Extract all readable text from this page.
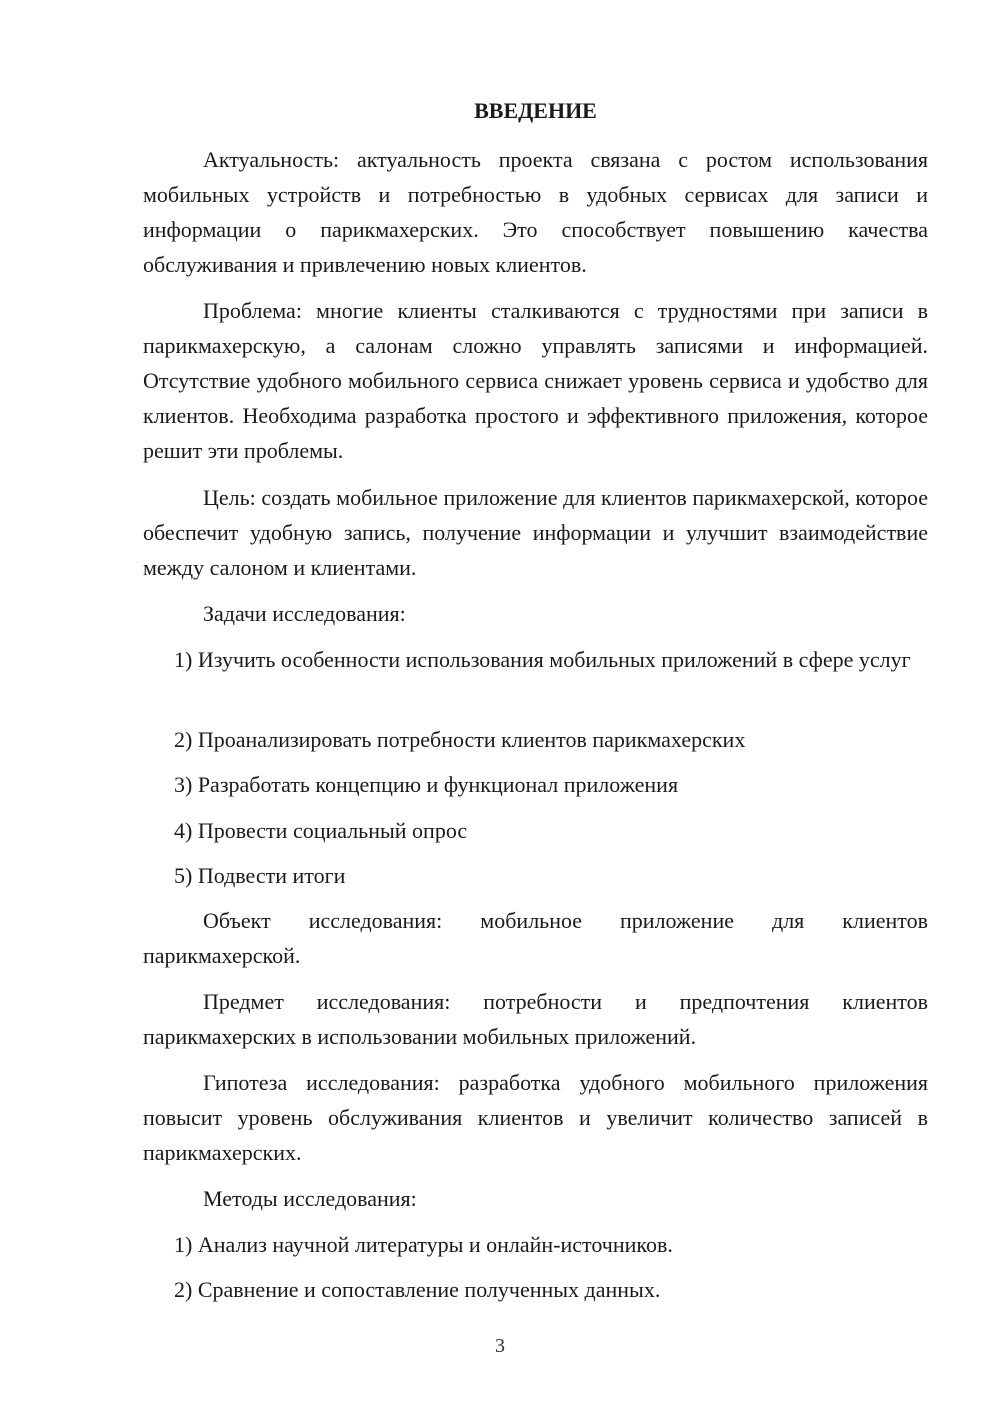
ВВЕДЕНИЕ
Актуальность: актуальность проекта связана с ростом использования мобильных устройств и потребностью в удобных сервисах для записи и информации о парикмахерских. Это способствует повышению качества обслуживания и привлечению новых клиентов.
Проблема: многие клиенты сталкиваются с трудностями при записи в парикмахерскую, а салонам сложно управлять записями и информацией. Отсутствие удобного мобильного сервиса снижает уровень сервиса и удобство для клиентов. Необходима разработка простого и эффективного приложения, которое решит эти проблемы.
Цель: создать мобильное приложение для клиентов парикмахерской, которое обеспечит удобную запись, получение информации и улучшит взаимодействие между салоном и клиентами.
Задачи исследования:
1) Изучить особенности использования мобильных приложений в сфере услуг
2) Проанализировать потребности клиентов парикмахерских
3) Разработать концепцию и функционал приложения
4) Провести социальный опрос
5) Подвести итоги
Объект исследования: мобильное приложение для клиентов парикмахерской.
Предмет исследования: потребности и предпочтения клиентов парикмахерских в использовании мобильных приложений.
Гипотеза исследования: разработка удобного мобильного приложения повысит уровень обслуживания клиентов и увеличит количество записей в парикмахерских.
Методы исследования:
1) Анализ научной литературы и онлайн-источников.
2) Сравнение и сопоставление полученных данных.
3
